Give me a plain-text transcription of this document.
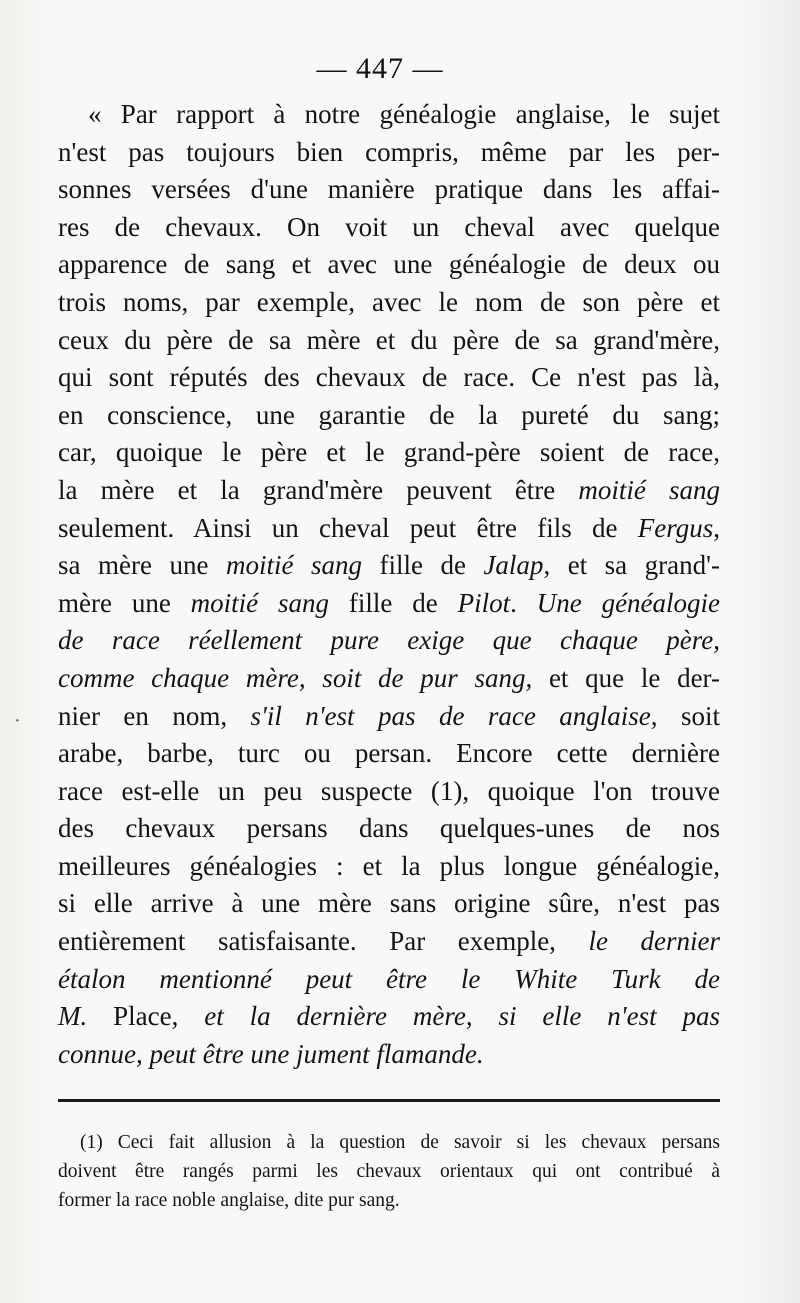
— 447 —
·
« Par rapport à notre généalogie anglaise, le sujet
n'est pas toujours bien compris, même par les per-
sonnes versées d'une manière pratique dans les affai-
res de chevaux. On voit un cheval avec quelque
apparence de sang et avec une généalogie de deux ou
trois noms, par exemple, avec le nom de son père et
ceux du père de sa mère et du père de sa grand'mère,
qui sont réputés des chevaux de race. Ce n'est pas là,
en conscience, une garantie de la pureté du sang;
car, quoique le père et le grand-père soient de race,
la mère et la grand'mère peuvent être moitié sang
seulement. Ainsi un cheval peut être fils de Fergus,
sa mère une moitié sang fille de Jalap, et sa grand'-
mère une moitié sang fille de Pilot. Une généalogie
de race réellement pure exige que chaque père,
comme chaque mère, soit de pur sang, et que le der-
nier en nom, s'il n'est pas de race anglaise, soit
arabe, barbe, turc ou persan. Encore cette dernière
race est-elle un peu suspecte (1), quoique l'on trouve
des chevaux persans dans quelques-unes de nos
meilleures généalogies : et la plus longue généalogie,
si elle arrive à une mère sans origine sûre, n'est pas
entièrement satisfaisante. Par exemple, le dernier
étalon mentionné peut être le White Turk de
M. Place, et la dernière mère, si elle n'est pas
connue, peut être une jument flamande.
(1) Ceci fait allusion à la question de savoir si les chevaux persans
doivent être rangés parmi les chevaux orientaux qui ont contribué à
former la race noble anglaise, dite pur sang.
